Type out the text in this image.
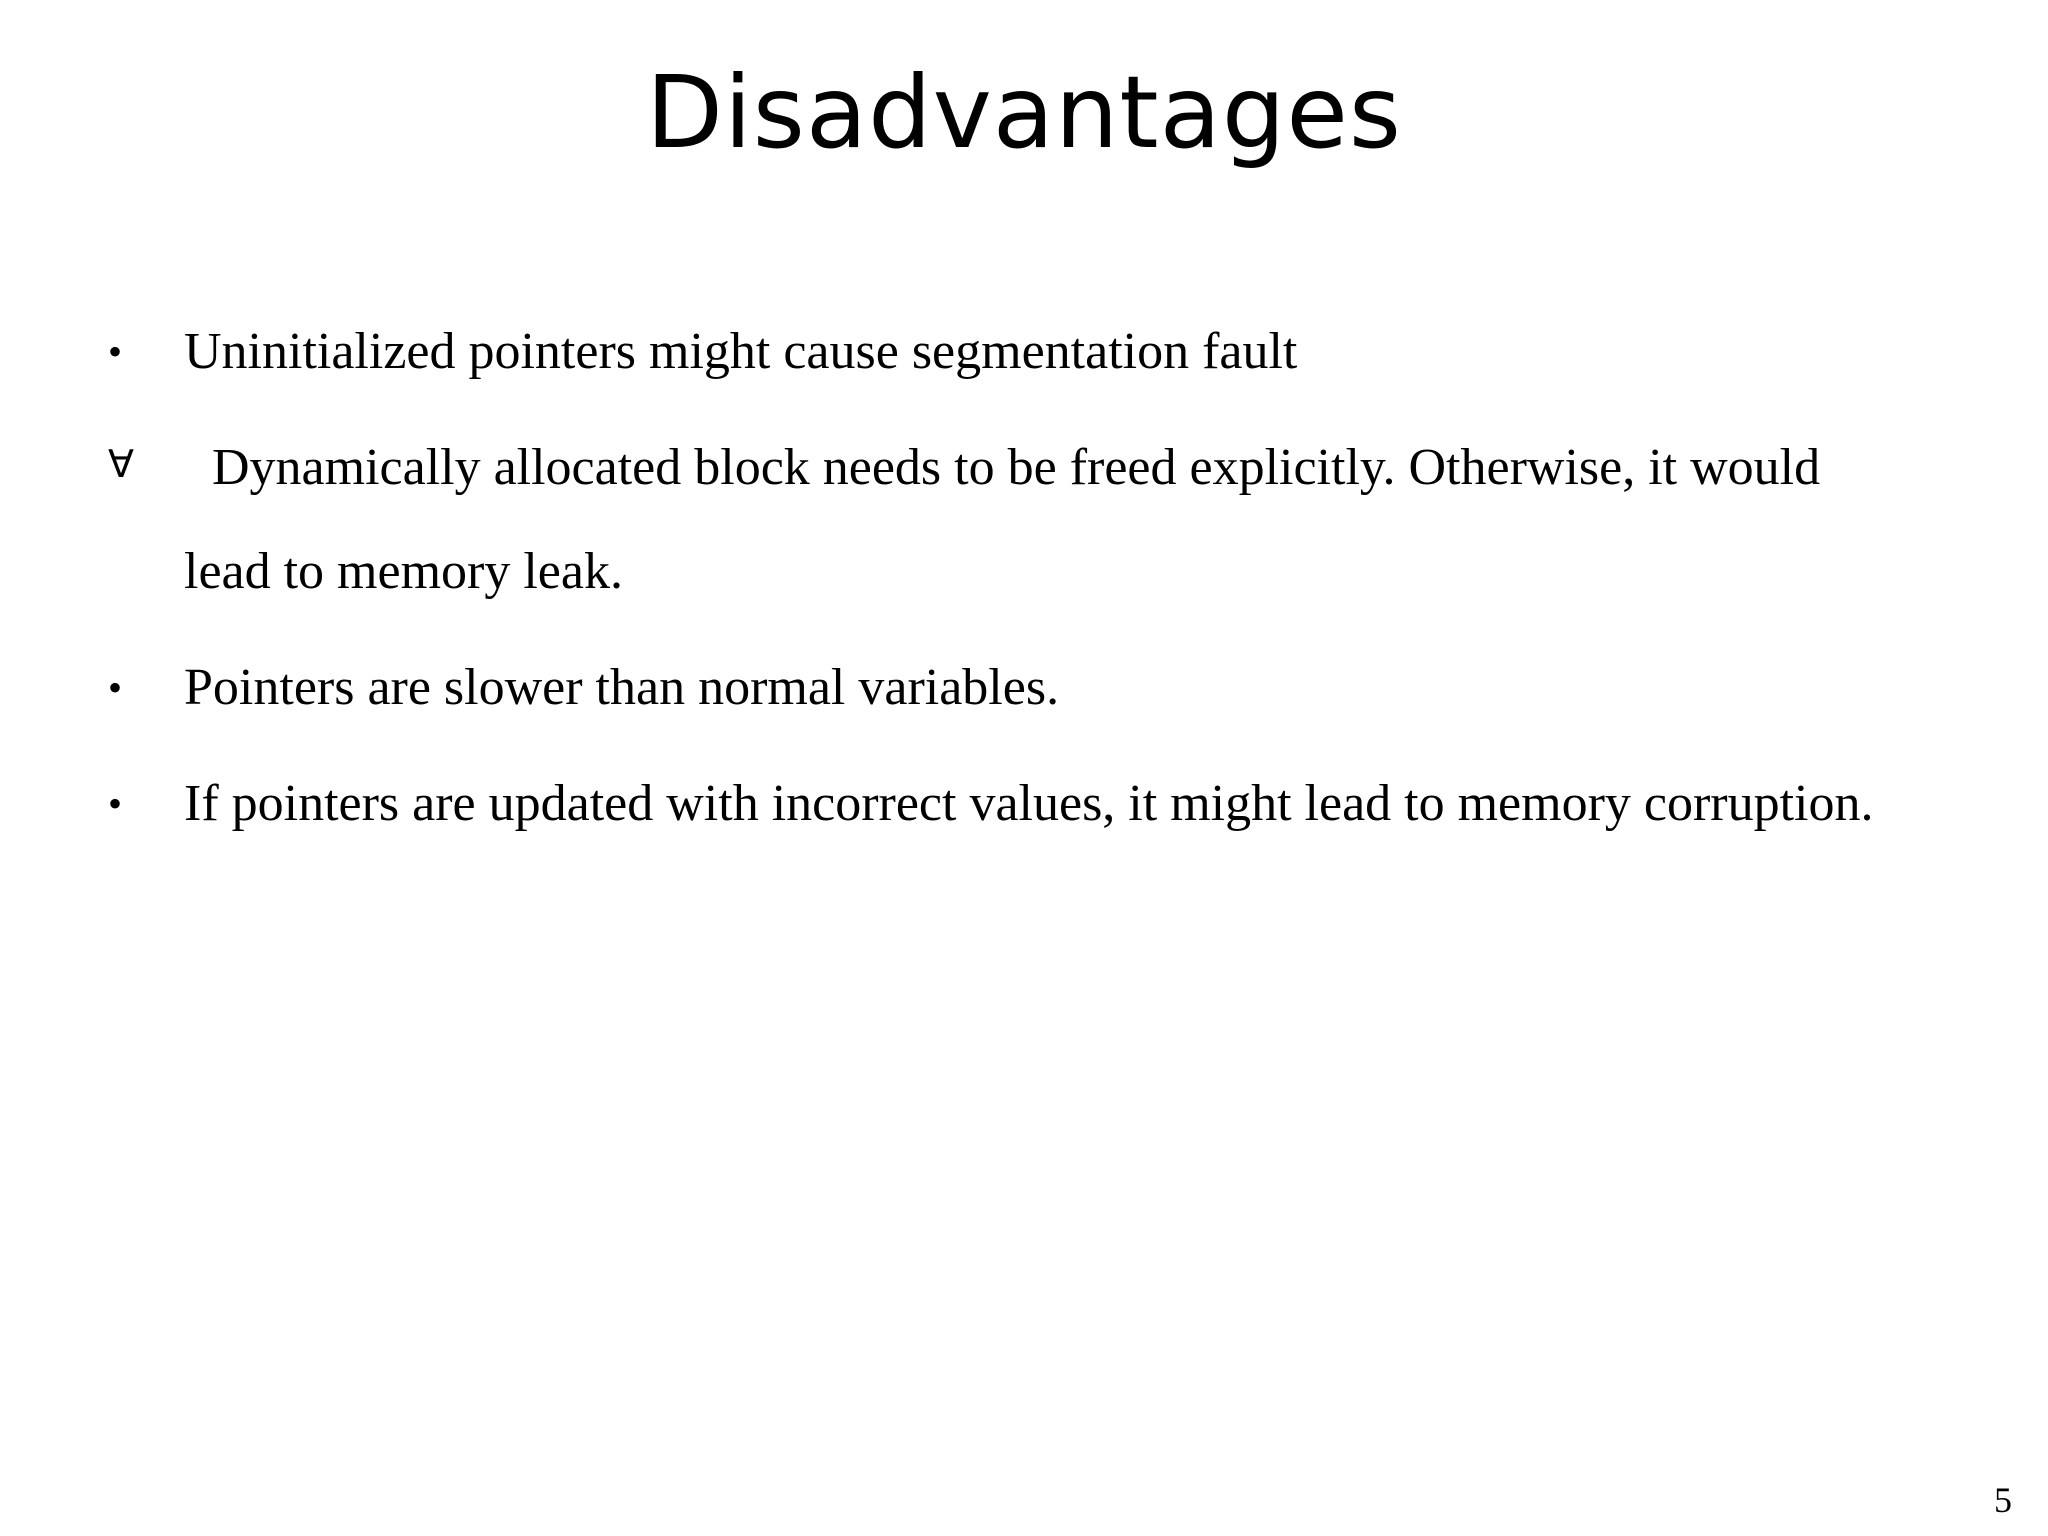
Disadvantages
•	Uninitialized pointers might cause segmentation fault
∀	Dynamically allocated block needs to be freed explicitly. Otherwise, it would lead to memory leak.
•	Pointers are slower than normal variables.
•	If pointers are updated with incorrect values, it might lead to memory corruption.
5
